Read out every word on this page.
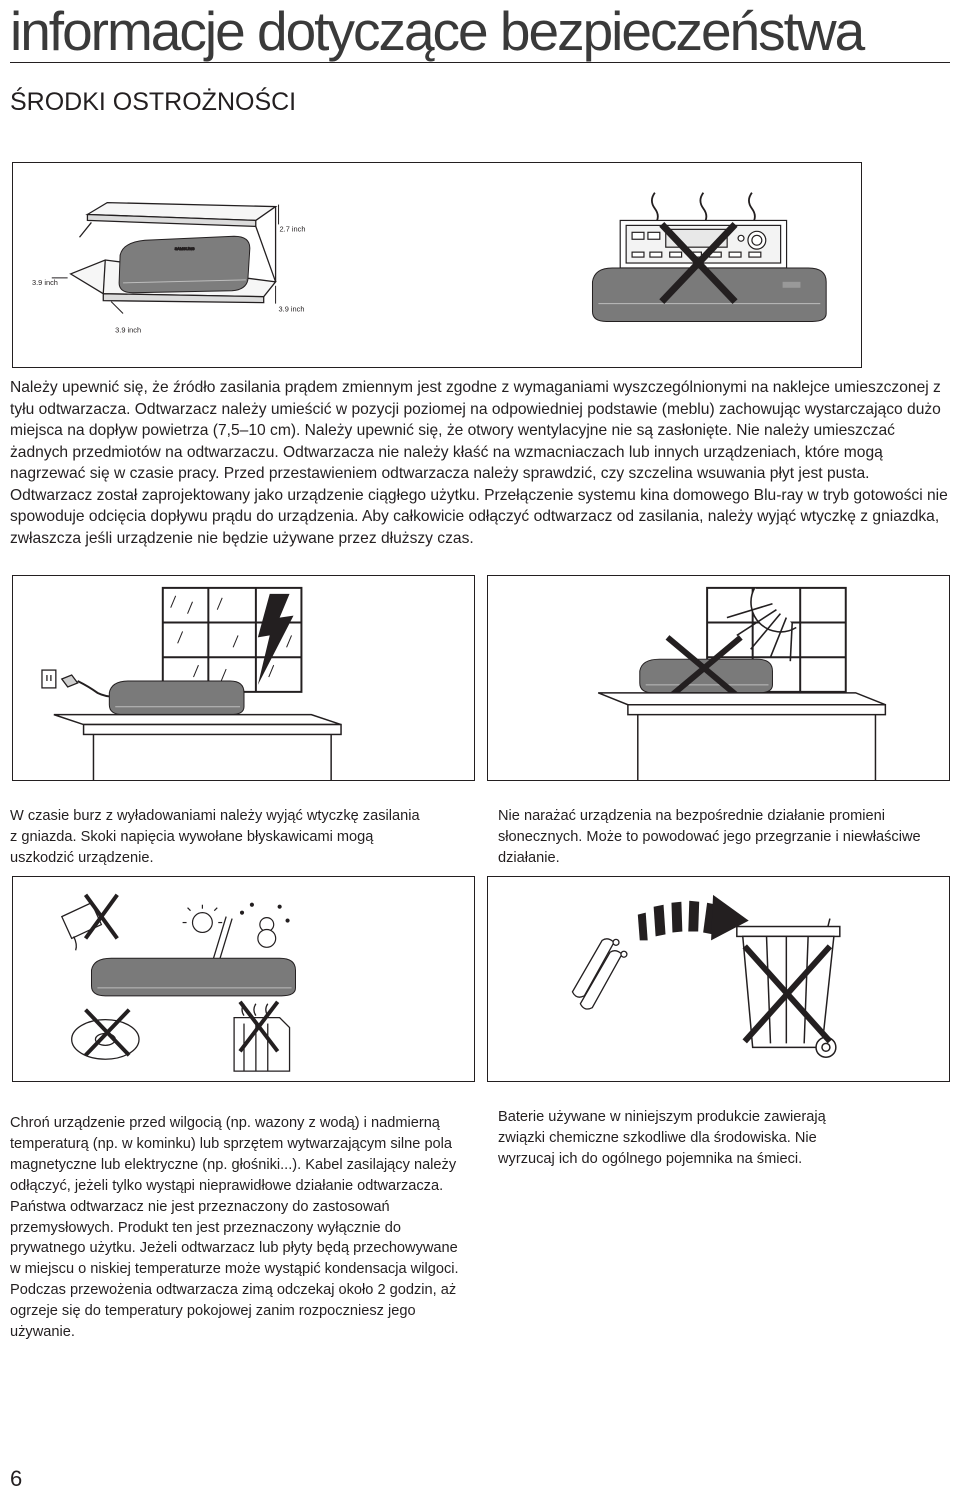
informacje dotyczące bezpieczeństwa
ŚRODKI OSTROŻNOŚCI
SAMSUNG
2.7 inch
3.9 inch
3.9 inch
3.9 inch

Należy upewnić się, że źródło zasilania prądem zmiennym jest zgodne z wymaganiami wyszczególnionymi na naklejce umieszczonej z tyłu odtwarzacza. Odtwarzacz należy umieścić w pozycji poziomej na odpowiedniej podstawie (meblu) zachowując wystarczająco dużo miejsca na dopływ powietrza (7,5–10 cm). Należy upewnić się, że otwory wentylacyjne nie są zasłonięte. Nie należy umieszczać żadnych przedmiotów na odtwarzaczu. Odtwarzacza nie należy kłaść na wzmacniaczach lub innych urządzeniach, które mogą nagrzewać się w czasie pracy. Przed przestawieniem odtwarzacza należy sprawdzić, czy szczelina wsuwania płyt jest pusta. Odtwarzacz został zaprojektowany jako urządzenie ciągłego użytku. Przełączenie systemu kina domowego Blu-ray w tryb gotowości nie spowoduje odcięcia dopływu prądu do urządzenia. Aby całkowicie odłączyć odtwarzacz od zasilania, należy wyjąć wtyczkę z gniazdka, zwłaszcza jeśli urządzenie nie będzie używane przez dłuższy czas.

W czasie burz z wyładowaniami należy wyjąć wtyczkę zasilania z gniazda. Skoki napięcia wywołane błyskawicami mogą uszkodzić urządzenie.

Nie narażać urządzenia na bezpośrednie działanie promieni słonecznych. Może to powodować jego przegrzanie i niewłaściwe działanie.

Chroń urządzenie przed wilgocią (np. wazony z wodą) i nadmierną temperaturą (np. w kominku) lub sprzętem wytwarzającym silne pola magnetyczne lub elektryczne (np. głośniki...). Kabel zasilający należy odłączyć, jeżeli tylko wystąpi nieprawidłowe działanie odtwarzacza. Państwa odtwarzacz nie jest przeznaczony do zastosowań przemysłowych. Produkt ten jest przeznaczony wyłącznie do prywatnego użytku. Jeżeli odtwarzacz lub płyty będą przechowywane w miejscu o niskiej temperaturze może wystąpić kondensacja wilgoci. Podczas przewożenia odtwarzacza zimą odczekaj około 2 godzin, aż ogrzeje się do temperatury pokojowej zanim rozpoczniesz jego używanie.

Baterie używane w niniejszym produkcie zawierają związki chemiczne szkodliwe dla środowiska. Nie wyrzucaj ich do ogólnego pojemnika na śmieci.

6
